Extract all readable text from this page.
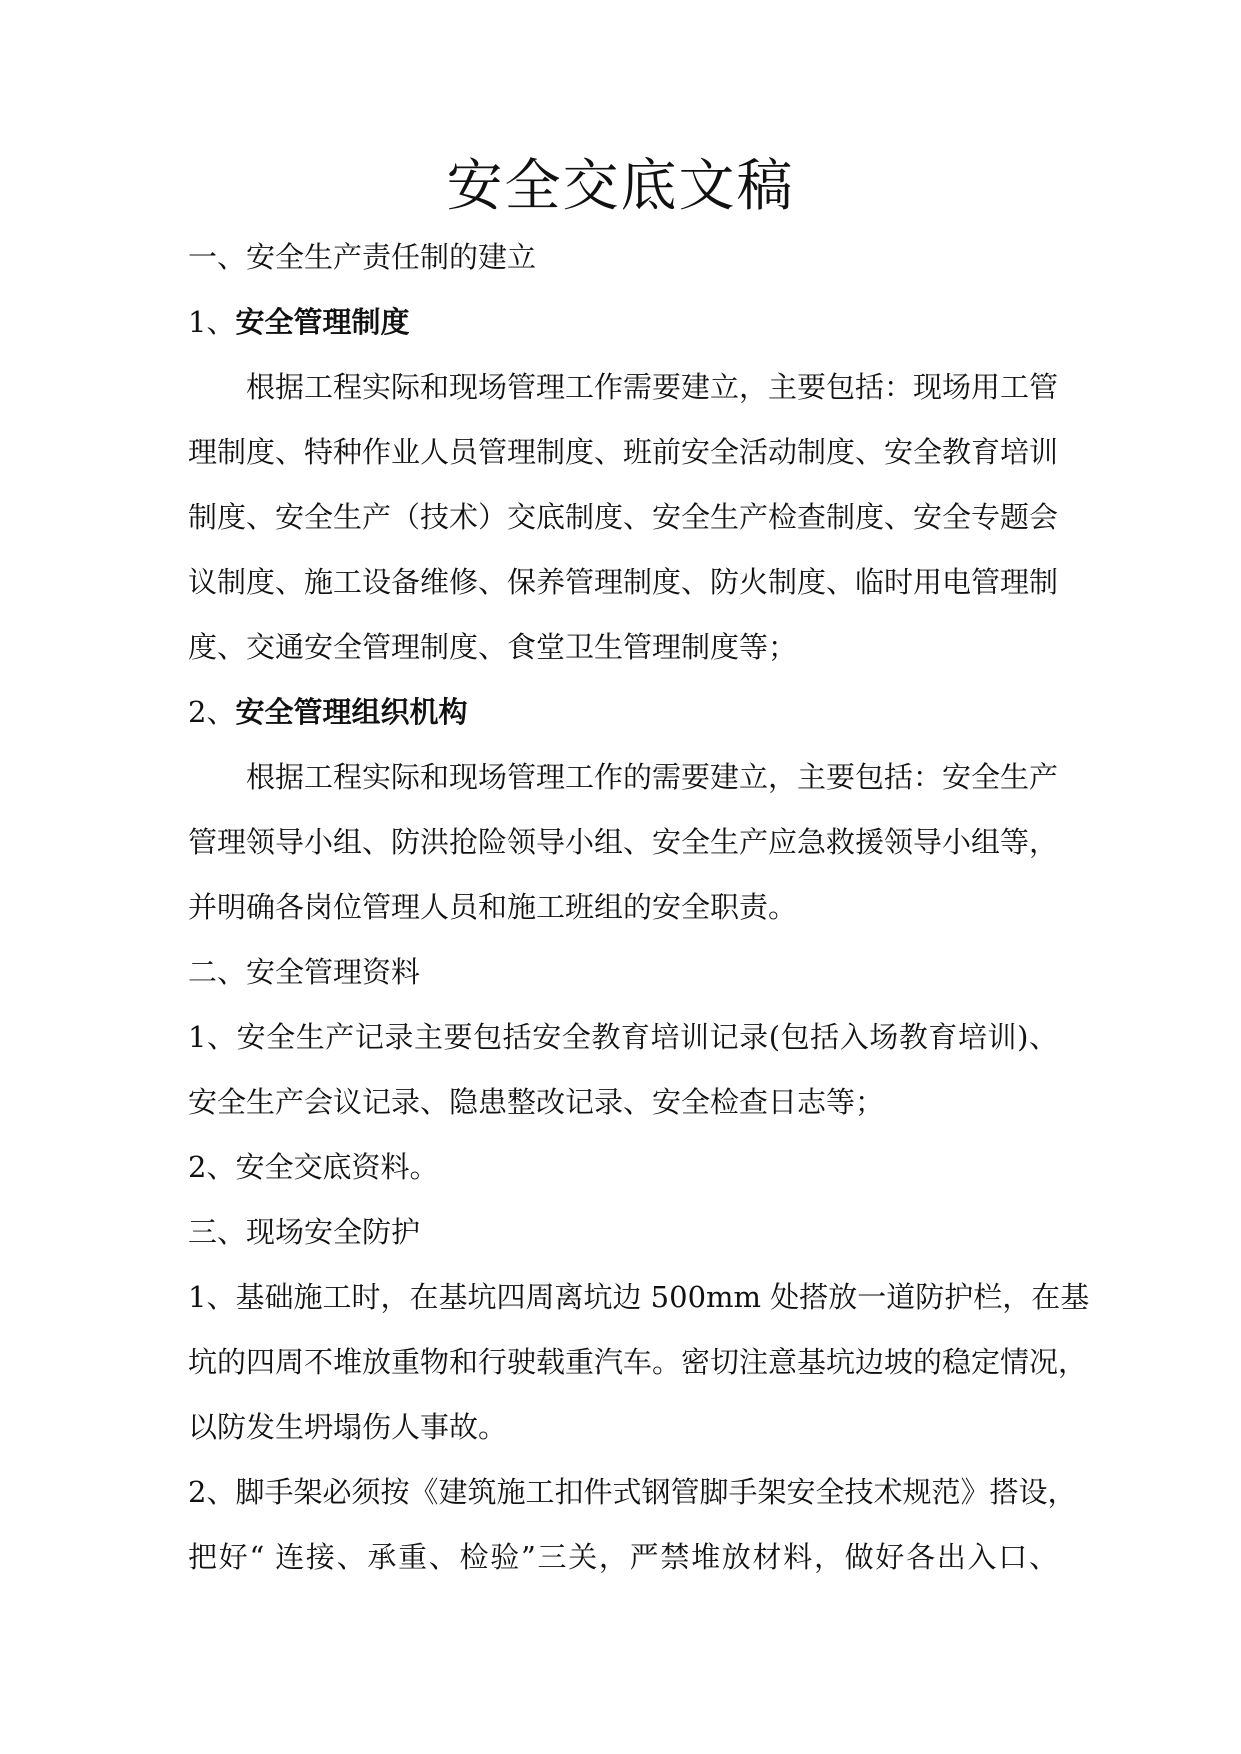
安全交底文稿

一、安全生产责任制的建立

1、安全管理制度

根据工程实际和现场管理工作需要建立，主要包括：现场用工管

理制度、特种作业人员管理制度、班前安全活动制度、安全教育培训

制度、安全生产（技术）交底制度、安全生产检查制度、安全专题会

议制度、施工设备维修、保养管理制度、防火制度、临时用电管理制

度、交通安全管理制度、食堂卫生管理制度等；

2、安全管理组织机构

根据工程实际和现场管理工作的需要建立，主要包括：安全生产

管理领导小组、防洪抢险领导小组、安全生产应急救援领导小组等，

并明确各岗位管理人员和施工班组的安全职责。

二、安全管理资料

1、安全生产记录主要包括安全教育培训记录(包括入场教育培训)、

安全生产会议记录、隐患整改记录、安全检查日志等；

2、安全交底资料。

三、现场安全防护

1、基础施工时，在基坑四周离坑边 500mm 处搭放一道防护栏，在基

坑的四周不堆放重物和行驶载重汽车。密切注意基坑边坡的稳定情况，

以防发生坍塌伤人事故。

2、脚手架必须按《建筑施工扣件式钢管脚手架安全技术规范》搭设，

把好“ 连接、承重、检验”三关，严禁堆放材料，做好各出入口、
